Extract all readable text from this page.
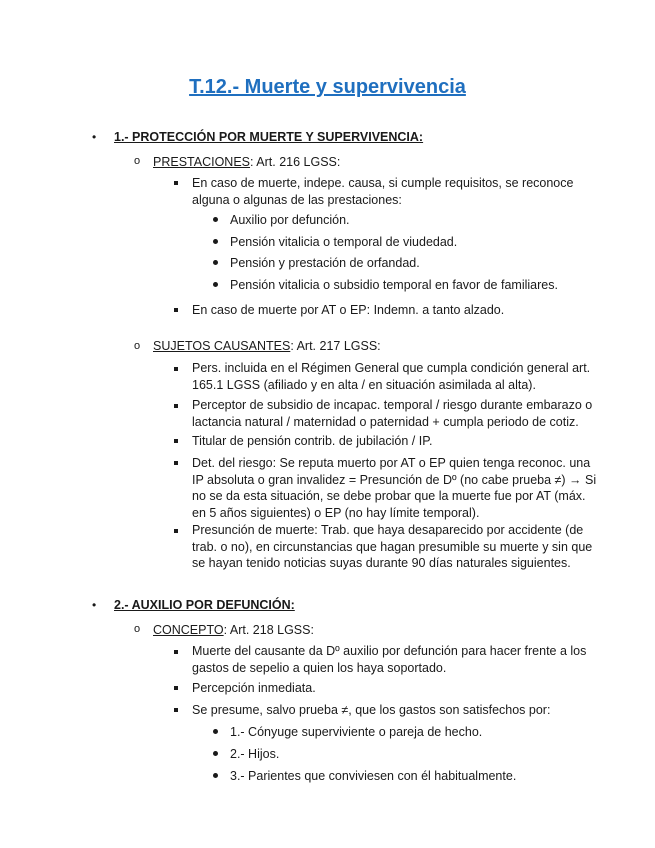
T.12.- Muerte y supervivencia
•	1.- PROTECCIÓN POR MUERTE Y SUPERVIVENCIA:
o PRESTACIONES: Art. 216 LGSS:
En caso de muerte, indepe. causa, si cumple requisitos, se reconoce alguna o algunas de las prestaciones:
Auxilio por defunción.
Pensión vitalicia o temporal de viudedad.
Pensión y prestación de orfandad.
Pensión vitalicia o subsidio temporal en favor de familiares.
En caso de muerte por AT o EP: Indemn. a tanto alzado.
o SUJETOS CAUSANTES: Art. 217 LGSS:
Pers. incluida en el Régimen General que cumpla condición general art. 165.1 LGSS (afiliado y en alta / en situación asimilada al alta).
Perceptor de subsidio de incapac. temporal / riesgo durante embarazo o lactancia natural / maternidad o paternidad + cumpla periodo de cotiz.
Titular de pensión contrib. de jubilación / IP.
Det. del riesgo: Se reputa muerto por AT o EP quien tenga reconoc. una IP absoluta o gran invalidez = Presunción de Dº (no cabe prueba ≠) → Si no se da esta situación, se debe probar que la muerte fue por AT (máx. en 5 años siguientes) o EP (no hay límite temporal).
Presunción de muerte: Trab. que haya desaparecido por accidente (de trab. o no), en circunstancias que hagan presumible su muerte y sin que se hayan tenido noticias suyas durante 90 días naturales siguientes.
•	2.- AUXILIO POR DEFUNCIÓN:
o CONCEPTO: Art. 218 LGSS:
Muerte del causante da Dº auxilio por defunción para hacer frente a los gastos de sepelio a quien los haya soportado.
Percepción inmediata.
Se presume, salvo prueba ≠, que los gastos son satisfechos por:
1.- Cónyuge superviviente o pareja de hecho.
2.- Hijos.
3.- Parientes que conviviesen con él habitualmente.
